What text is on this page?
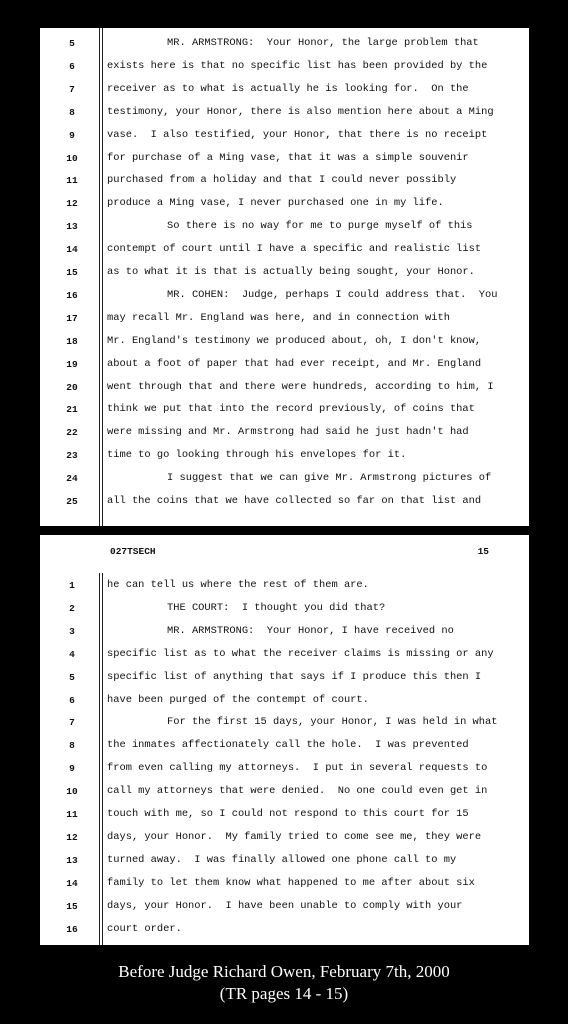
5	MR. ARMSTRONG:  Your Honor, the large problem that
6	exists here is that no specific list has been provided by the
7	receiver as to what is actually he is looking for.  On the
8	testimony, your Honor, there is also mention here about a Ming
9	vase.  I also testified, your Honor, that there is no receipt
10	for purchase of a Ming vase, that it was a simple souvenir
11	purchased from a holiday and that I could never possibly
12	produce a Ming vase, I never purchased one in my life.
13	So there is no way for me to purge myself of this
14	contempt of court until I have a specific and realistic list
15	as to what it is that is actually being sought, your Honor.
16	MR. COHEN:  Judge, perhaps I could address that.  You
17	may recall Mr. England was here, and in connection with
18	Mr. England's testimony we produced about, oh, I don't know,
19	about a foot of paper that had ever receipt, and Mr. England
20	went through that and there were hundreds, according to him, I
21	think we put that into the record previously, of coins that
22	were missing and Mr. Armstrong had said he just hadn't had
23	time to go looking through his envelopes for it.
24	I suggest that we can give Mr. Armstrong pictures of
25	all the coins that we have collected so far on that list and
027TSECH	15
1	he can tell us where the rest of them are.
2	THE COURT:  I thought you did that?
3	MR. ARMSTRONG:  Your Honor, I have received no
4	specific list as to what the receiver claims is missing or any
5	specific list of anything that says if I produce this then I
6	have been purged of the contempt of court.
7	For the first 15 days, your Honor, I was held in what
8	the inmates affectionately call the hole.  I was prevented
9	from even calling my attorneys.  I put in several requests to
10	call my attorneys that were denied.  No one could even get in
11	touch with me, so I could not respond to this court for 15
12	days, your Honor.  My family tried to come see me, they were
13	turned away.  I was finally allowed one phone call to my
14	family to let them know what happened to me after about six
15	days, your Honor.  I have been unable to comply with your
16	court order.
Before Judge Richard Owen, February 7th, 2000
(TR pages 14 - 15)
